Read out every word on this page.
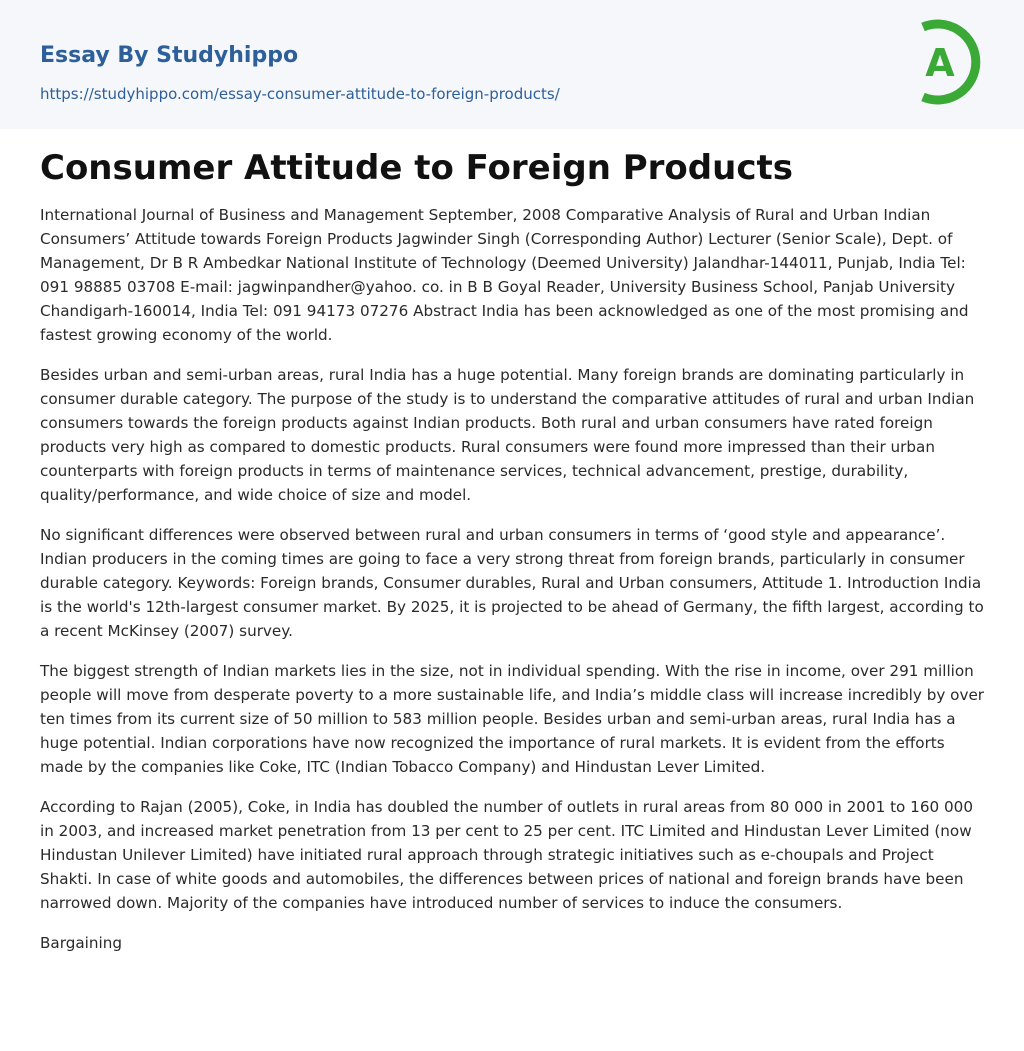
Essay By Studyhippo
https://studyhippo.com/essay-consumer-attitude-to-foreign-products/
A
Consumer Attitude to Foreign Products

International Journal of Business and Management September, 2008 Comparative Analysis of Rural and Urban Indian Consumers’ Attitude towards Foreign Products Jagwinder Singh (Corresponding Author) Lecturer (Senior Scale), Dept. of Management, Dr B R Ambedkar National Institute of Technology (Deemed University) Jalandhar-144011, Punjab, India Tel: 091 98885 03708 E-mail: jagwinpandher@yahoo. co. in B B Goyal Reader, University Business School, Panjab University Chandigarh-160014, India Tel: 091 94173 07276 Abstract India has been acknowledged as one of the most promising and fastest growing economy of the world.

Besides urban and semi-urban areas, rural India has a huge potential. Many foreign brands are dominating particularly in consumer durable category. The purpose of the study is to understand the comparative attitudes of rural and urban Indian consumers towards the foreign products against Indian products. Both rural and urban consumers have rated foreign products very high as compared to domestic products. Rural consumers were found more impressed than their urban counterparts with foreign products in terms of maintenance services, technical advancement, prestige, durability, quality/performance, and wide choice of size and model.

No significant differences were observed between rural and urban consumers in terms of ‘good style and appearance’. Indian producers in the coming times are going to face a very strong threat from foreign brands, particularly in consumer durable category. Keywords: Foreign brands, Consumer durables, Rural and Urban consumers, Attitude 1. Introduction India is the world's 12th-largest consumer market. By 2025, it is projected to be ahead of Germany, the fifth largest, according to a recent McKinsey (2007) survey.

The biggest strength of Indian markets lies in the size, not in individual spending. With the rise in income, over 291 million people will move from desperate poverty to a more sustainable life, and India’s middle class will increase incredibly by over ten times from its current size of 50 million to 583 million people. Besides urban and semi-urban areas, rural India has a huge potential. Indian corporations have now recognized the importance of rural markets. It is evident from the efforts made by the companies like Coke, ITC (Indian Tobacco Company) and Hindustan Lever Limited.

According to Rajan (2005), Coke, in India has doubled the number of outlets in rural areas from 80 000 in 2001 to 160 000 in 2003, and increased market penetration from 13 per cent to 25 per cent. ITC Limited and Hindustan Lever Limited (now Hindustan Unilever Limited) have initiated rural approach through strategic initiatives such as e-choupals and Project Shakti. In case of white goods and automobiles, the differences between prices of national and foreign brands have been narrowed down. Majority of the companies have introduced number of services to induce the consumers.

Bargaining
